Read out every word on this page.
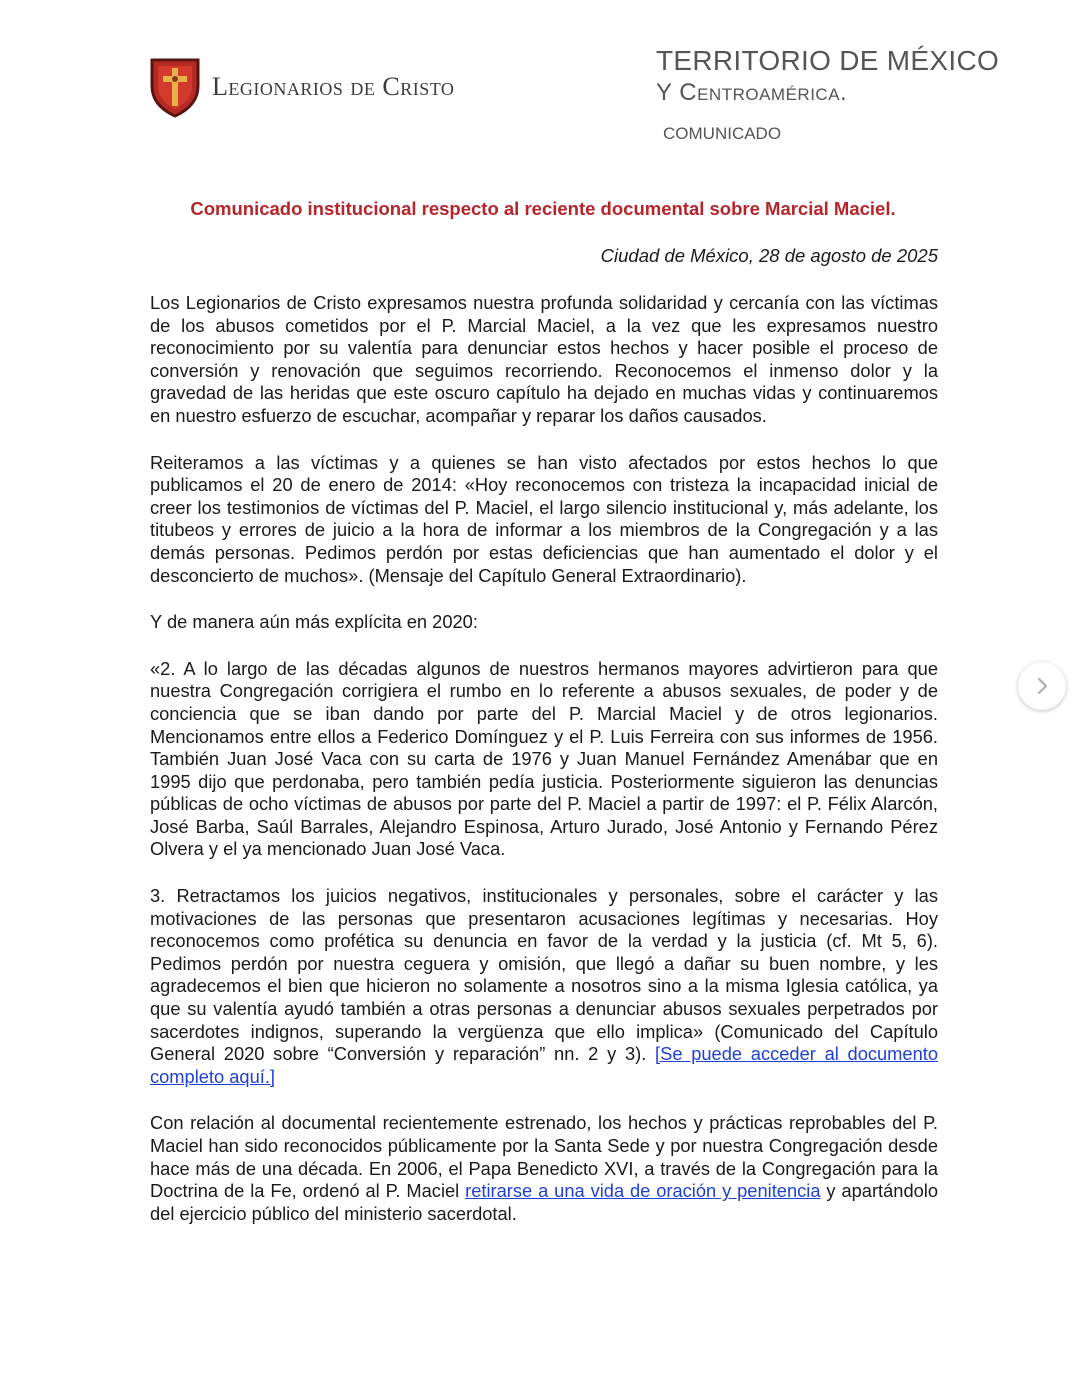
Legionarios de Cristo
TERRITORIO DE MÉXICO
Y Centroamérica.
COMUNICADO
Comunicado institucional respecto al reciente documental sobre Marcial Maciel.
Ciudad de México, 28 de agosto de 2025

Los Legionarios de Cristo expresamos nuestra profunda solidaridad y cercanía con las víctimas de los abusos cometidos por el P. Marcial Maciel, a la vez que les expresamos nuestro reconocimiento por su valentía para denunciar estos hechos y hacer posible el proceso de conversión y renovación que seguimos recorriendo. Reconocemos el inmenso dolor y la gravedad de las heridas que este oscuro capítulo ha dejado en muchas vidas y continuaremos en nuestro esfuerzo de escuchar, acompañar y reparar los daños causados.

Reiteramos a las víctimas y a quienes se han visto afectados por estos hechos lo que publicamos el 20 de enero de 2014: «Hoy reconocemos con tristeza la incapacidad inicial de creer los testimonios de víctimas del P. Maciel, el largo silencio institucional y, más adelante, los titubeos y errores de juicio a la hora de informar a los miembros de la Congregación y a las demás personas. Pedimos perdón por estas deficiencias que han aumentado el dolor y el desconcierto de muchos». (Mensaje del Capítulo General Extraordinario).

Y de manera aún más explícita en 2020:

«2. A lo largo de las décadas algunos de nuestros hermanos mayores advirtieron para que nuestra Congregación corrigiera el rumbo en lo referente a abusos sexuales, de poder y de conciencia que se iban dando por parte del P. Marcial Maciel y de otros legionarios. Mencionamos entre ellos a Federico Domínguez y el P. Luis Ferreira con sus informes de 1956. También Juan José Vaca con su carta de 1976 y Juan Manuel Fernández Amenábar que en 1995 dijo que perdonaba, pero también pedía justicia. Posteriormente siguieron las denuncias públicas de ocho víctimas de abusos por parte del P. Maciel a partir de 1997: el P. Félix Alarcón, José Barba, Saúl Barrales, Alejandro Espinosa, Arturo Jurado, José Antonio y Fernando Pérez Olvera y el ya mencionado Juan José Vaca.

3. Retractamos los juicios negativos, institucionales y personales, sobre el carácter y las motivaciones de las personas que presentaron acusaciones legítimas y necesarias. Hoy reconocemos como profética su denuncia en favor de la verdad y la justicia (cf. Mt 5, 6). Pedimos perdón por nuestra ceguera y omisión, que llegó a dañar su buen nombre, y les agradecemos el bien que hicieron no solamente a nosotros sino a la misma Iglesia católica, ya que su valentía ayudó también a otras personas a denunciar abusos sexuales perpetrados por sacerdotes indignos, superando la vergüenza que ello implica» (Comunicado del Capítulo General 2020 sobre “Conversión y reparación” nn. 2 y 3). [Se puede acceder al documento completo aquí.]

Con relación al documental recientemente estrenado, los hechos y prácticas reprobables del P. Maciel han sido reconocidos públicamente por la Santa Sede y por nuestra Congregación desde hace más de una década. En 2006, el Papa Benedicto XVI, a través de la Congregación para la Doctrina de la Fe, ordenó al P. Maciel retirarse a una vida de oración y penitencia y apartándolo del ejercicio público del ministerio sacerdotal.
